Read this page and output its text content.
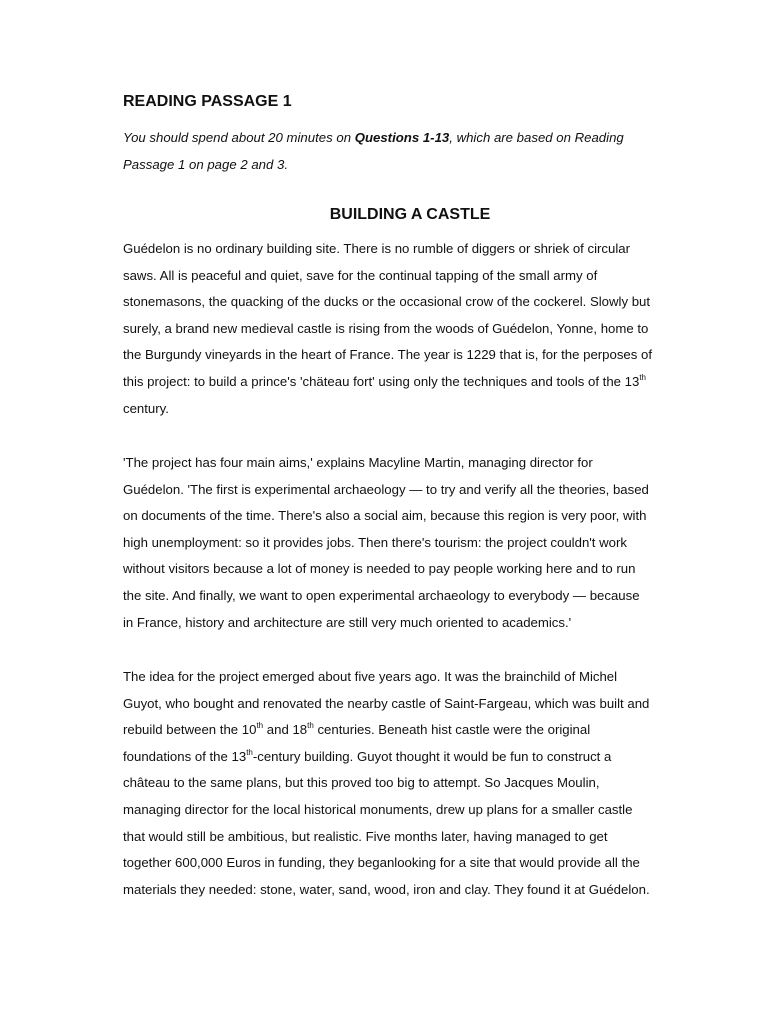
READING PASSAGE 1

You should spend about 20 minutes on Questions 1-13, which are based on Reading
Passage 1 on page 2 and 3.

BUILDING A CASTLE

Guédelon is no ordinary building site. There is no rumble of diggers or shriek of circular
saws. All is peaceful and quiet, save for the continual tapping of the small army of
stonemasons, the quacking of the ducks or the occasional crow of the cockerel. Slowly but
surely, a brand new medieval castle is rising from the woods of Guédelon, Yonne, home to
the Burgundy vineyards in the heart of France. The year is 1229 that is, for the perposes of
this project: to build a prince's 'chäteau fort' using only the techniques and tools of the 13th
century.

'The project has four main aims,' explains Macyline Martin, managing director for
Guédelon. 'The first is experimental archaeology — to try and verify all the theories, based
on documents of the time. There's also a social aim, because this region is very poor, with
high unemployment: so it provides jobs. Then there's tourism: the project couldn't work
without visitors because a lot of money is needed to pay people working here and to run
the site. And finally, we want to open experimental archaeology to everybody — because
in France, history and architecture are still very much oriented to academics.'

The idea for the project emerged about five years ago. It was the brainchild of Michel
Guyot, who bought and renovated the nearby castle of Saint-Fargeau, which was built and
rebuild between the 10th and 18th centuries. Beneath hist castle were the original
foundations of the 13th-century building. Guyot thought it would be fun to construct a
château to the same plans, but this proved too big to attempt. So Jacques Moulin,
managing director for the local historical monuments, drew up plans for a smaller castle
that would still be ambitious, but realistic. Five months later, having managed to get
together 600,000 Euros in funding, they beganlooking for a site that would provide all the
materials they needed: stone, water, sand, wood, iron and clay. They found it at Guédelon.
